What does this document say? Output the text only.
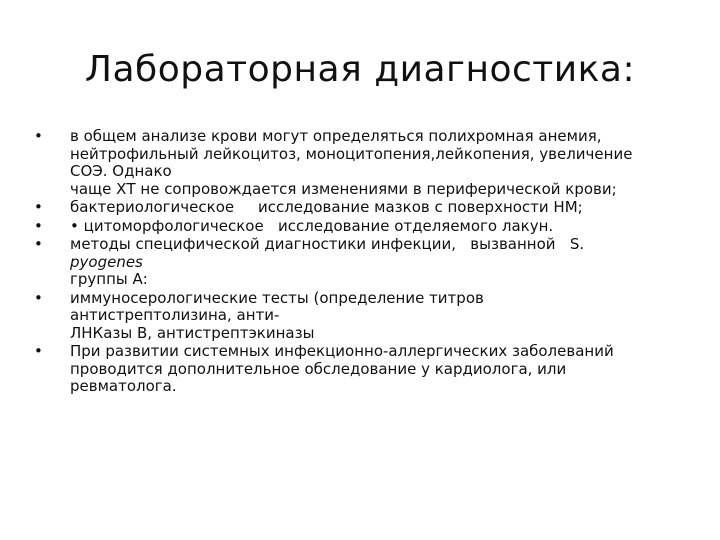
Лабораторная диагностика:
• в общем анализе крови могут определяться полихромная анемия,
нейтрофильный лейкоцитоз, моноцитопения,лейкопения, увеличение
СОЭ. Однако
чаще ХТ не сопровождается изменениями в периферической крови;
• бактериологическое     исследование мазков с поверхности НМ;
• • цитоморфологическое   исследование отделяемого лакун.
• методы специфической диагностики инфекции,   вызванной   S.
pyogenes
группы А:
• иммуносерологические тесты (определение титров
антистрептолизина, анти-
ЛНКазы В, антистрептэкиназы
• При развитии системных инфекционно-аллергических заболеваний
проводится дополнительное обследование у кардиолога, или
ревматолога.
